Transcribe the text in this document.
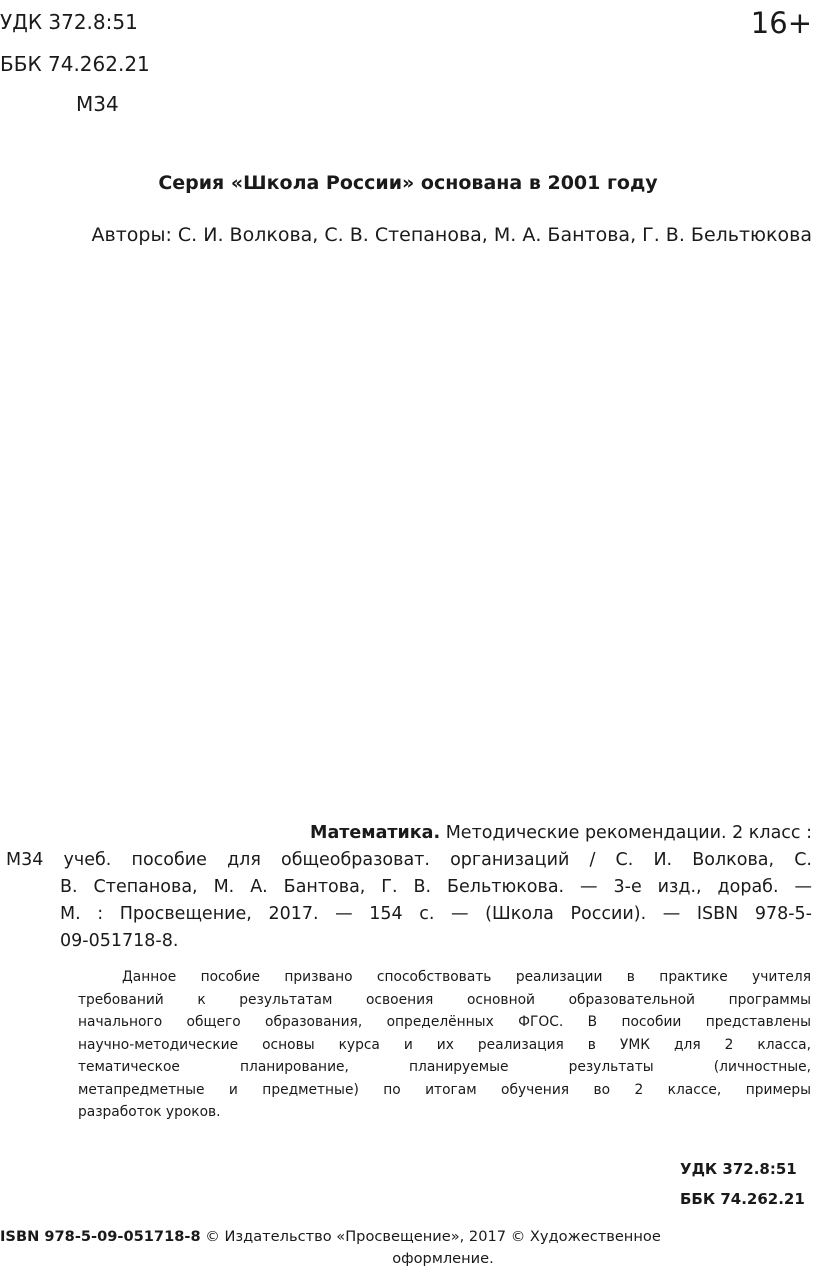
УДК 372.8:51
ББК 74.262.21
М34
16+
Серия «Школа России» основана в 2001 году
Авторы: С. И. Волкова, С. В. Степанова, М. А. Бантова, Г. В. Бельтюкова
Математика. Методические рекомендации. 2 класс :
М34 учеб. пособие для общеобразоват. организаций / С. И. Волкова, С.
В. Степанова, М. А. Бантова, Г. В. Бельтюкова. — 3-е изд., дораб. —
М. : Просвещение, 2017. — 154 с. — (Школа России). — ISBN 978-5-
09-051718-8.
Данное пособие призвано способствовать реализации в практике учителя
требований к результатам освоения основной образовательной программы
начального общего образования, определённых ФГОС. В пособии представлены
научно-методические основы курса и их реализация в УМК для 2 класса,
тематическое планирование, планируемые результаты (личностные,
метапредметные и предметные) по итогам обучения во 2 классе, примеры
разработок уроков.
УДК 372.8:51
ББК 74.262.21
ISBN 978-5-09-051718-8 © Издательство «Просвещение», 2017 © Художественное
оформление.
